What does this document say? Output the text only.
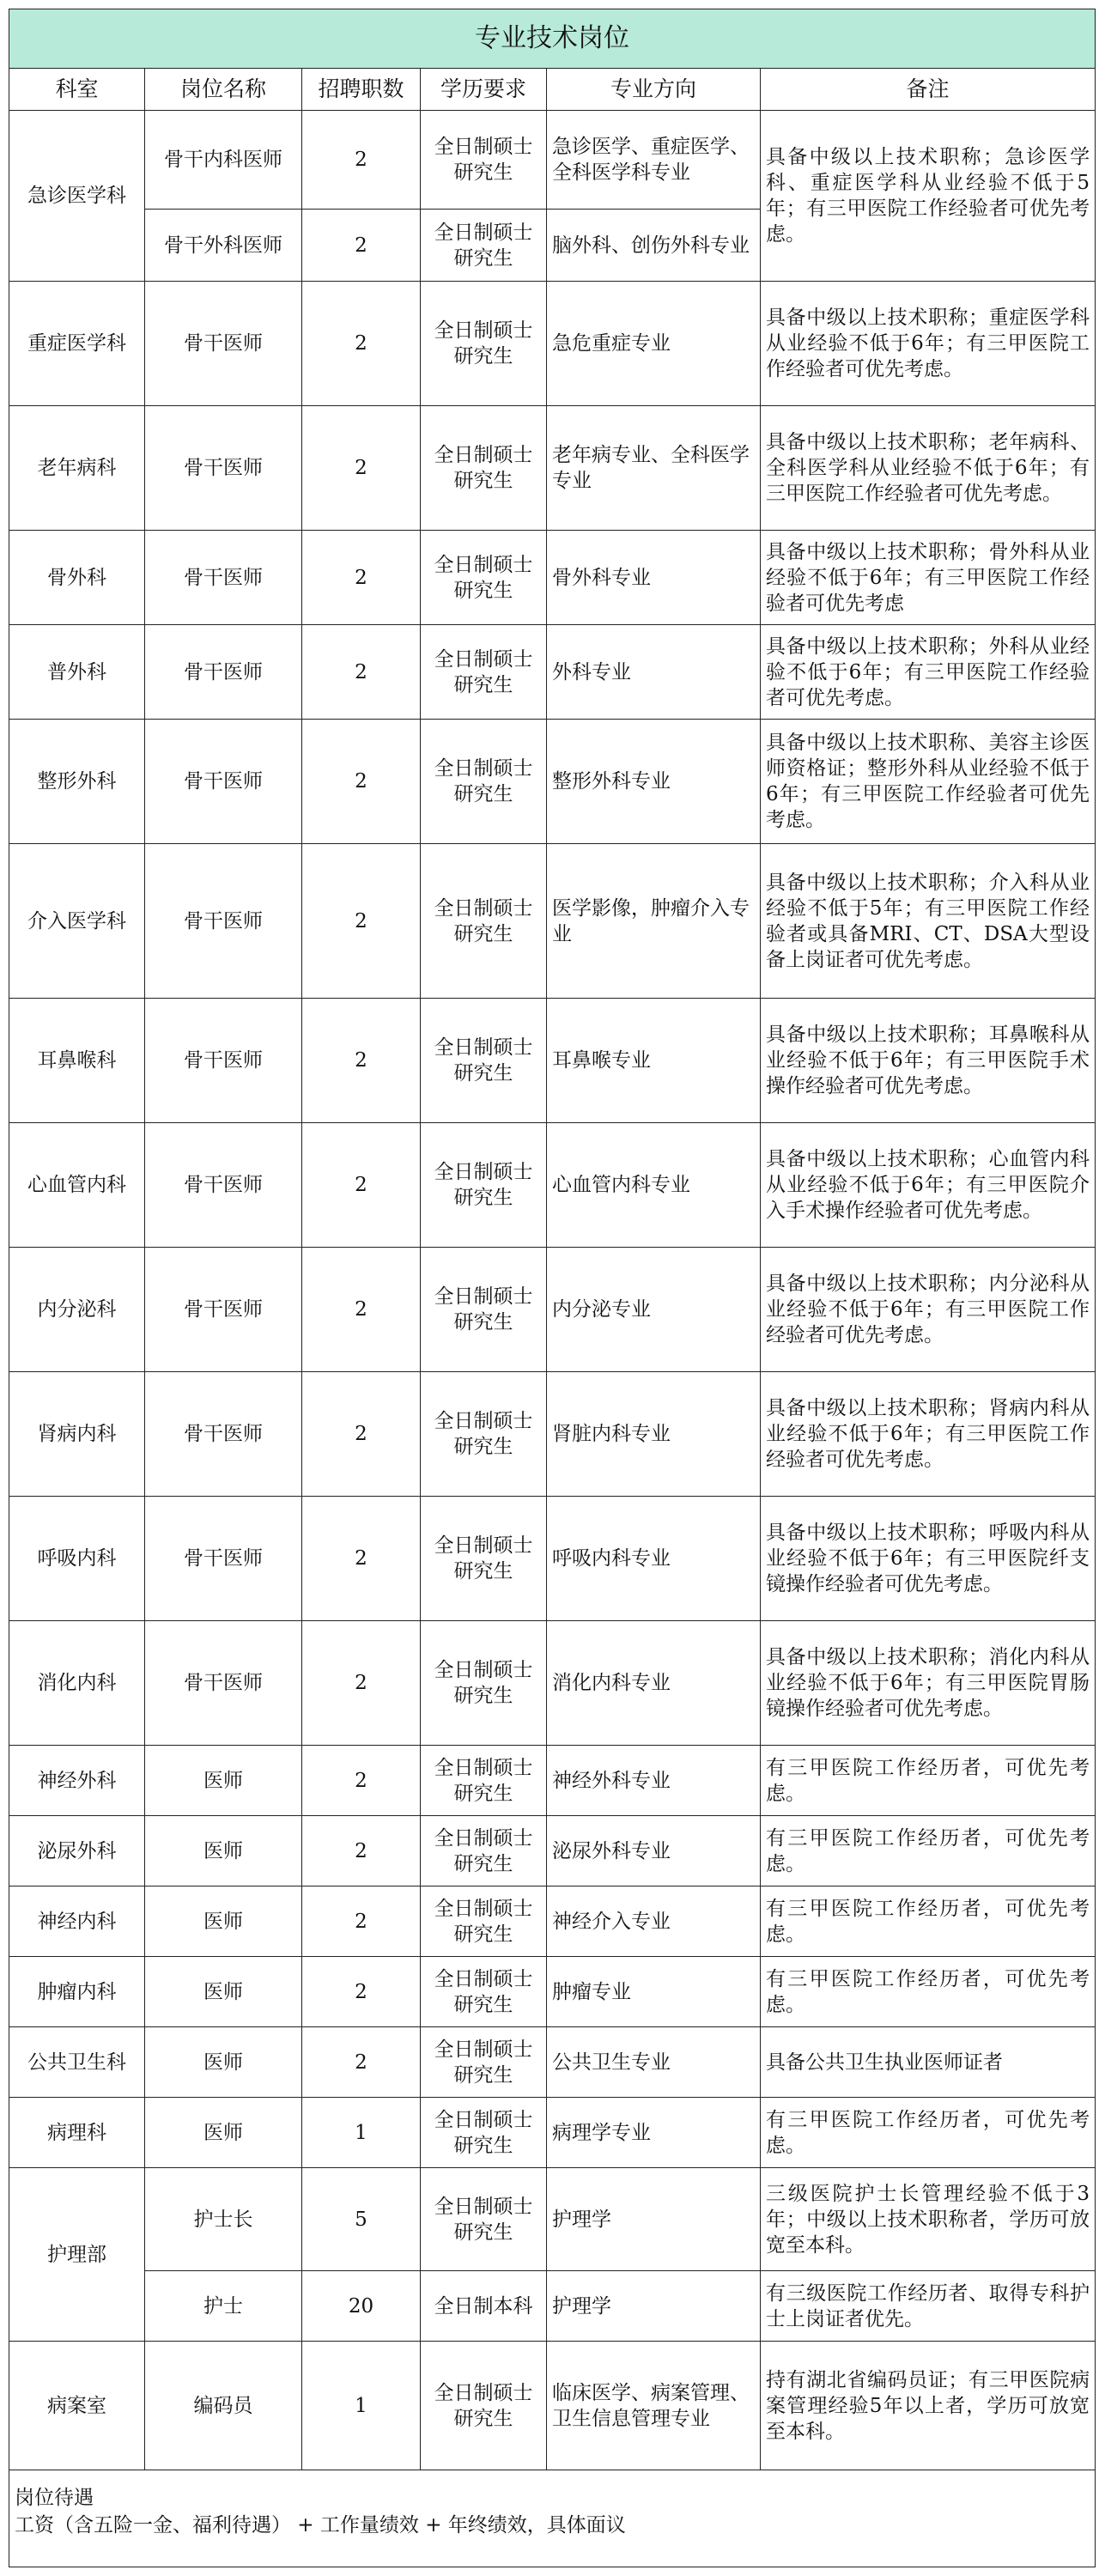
专业技术岗位					
科室	岗位名称	招聘职数	学历要求	专业方向	备注
急诊医学科	骨干内科医师	2	全日制硕士研究生	急诊医学、重症医学、全科医学科专业	具备中级以上技术职称；急诊医学科、重症医学科从业经验不低于5年；有三甲医院工作经验者可优先考虑。
	骨干外科医师	2	全日制硕士研究生	脑外科、创伤外科专业	
重症医学科	骨干医师	2	全日制硕士研究生	急危重症专业	具备中级以上技术职称；重症医学科从业经验不低于6年；有三甲医院工作经验者可优先考虑。
老年病科	骨干医师	2	全日制硕士研究生	老年病专业、全科医学专业	具备中级以上技术职称；老年病科、全科医学科从业经验不低于6年；有三甲医院工作经验者可优先考虑。
骨外科	骨干医师	2	全日制硕士研究生	骨外科专业	具备中级以上技术职称；骨外科从业经验不低于6年；有三甲医院工作经验者可优先考虑
普外科	骨干医师	2	全日制硕士研究生	外科专业	具备中级以上技术职称；外科从业经验不低于6年；有三甲医院工作经验者可优先考虑。
整形外科	骨干医师	2	全日制硕士研究生	整形外科专业	具备中级以上技术职称、美容主诊医师资格证；整形外科从业经验不低于6年；有三甲医院工作经验者可优先考虑。
介入医学科	骨干医师	2	全日制硕士研究生	医学影像，肿瘤介入专业	具备中级以上技术职称；介入科从业经验不低于5年；有三甲医院工作经验者或具备MRI、CT、DSA大型设备上岗证者可优先考虑。
耳鼻喉科	骨干医师	2	全日制硕士研究生	耳鼻喉专业	具备中级以上技术职称；耳鼻喉科从业经验不低于6年；有三甲医院手术操作经验者可优先考虑。
心血管内科	骨干医师	2	全日制硕士研究生	心血管内科专业	具备中级以上技术职称；心血管内科从业经验不低于6年；有三甲医院介入手术操作经验者可优先考虑。
内分泌科	骨干医师	2	全日制硕士研究生	内分泌专业	具备中级以上技术职称；内分泌科从业经验不低于6年；有三甲医院工作经验者可优先考虑。
肾病内科	骨干医师	2	全日制硕士研究生	肾脏内科专业	具备中级以上技术职称；肾病内科从业经验不低于6年；有三甲医院工作经验者可优先考虑。
呼吸内科	骨干医师	2	全日制硕士研究生	呼吸内科专业	具备中级以上技术职称；呼吸内科从业经验不低于6年；有三甲医院纤支镜操作经验者可优先考虑。
消化内科	骨干医师	2	全日制硕士研究生	消化内科专业	具备中级以上技术职称；消化内科从业经验不低于6年；有三甲医院胃肠镜操作经验者可优先考虑。
神经外科	医师	2	全日制硕士研究生	神经外科专业	有三甲医院工作经历者，可优先考虑。
泌尿外科	医师	2	全日制硕士研究生	泌尿外科专业	有三甲医院工作经历者，可优先考虑。
神经内科	医师	2	全日制硕士研究生	神经介入专业	有三甲医院工作经历者，可优先考虑。
肿瘤内科	医师	2	全日制硕士研究生	肿瘤专业	有三甲医院工作经历者，可优先考虑。
公共卫生科	医师	2	全日制硕士研究生	公共卫生专业	具备公共卫生执业医师证者
病理科	医师	1	全日制硕士研究生	病理学专业	有三甲医院工作经历者，可优先考虑。
护理部	护士长	5	全日制硕士研究生	护理学	三级医院护士长管理经验不低于3年；中级以上技术职称者，学历可放宽至本科。
	护士	20	全日制本科	护理学	有三级医院工作经历者、取得专科护士上岗证者优先。
病案室	编码员	1	全日制硕士研究生	临床医学、病案管理、卫生信息管理专业	持有湖北省编码员证；有三甲医院病案管理经验5年以上者，学历可放宽至本科。

岗位待遇
工资（含五险一金、福利待遇） + 工作量绩效 + 年终绩效，具体面议					
